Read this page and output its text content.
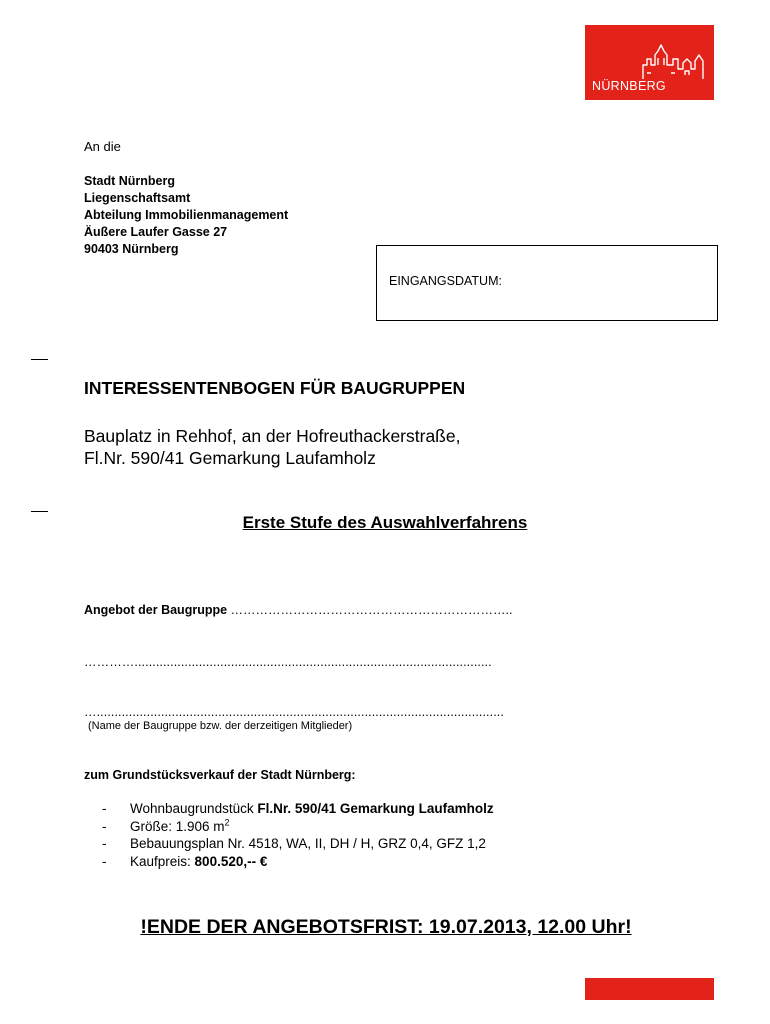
NÜRNBERG
An die
Stadt Nürnberg
Liegenschaftsamt
Abteilung Immobilienmanagement
Äußere Laufer Gasse 27
90403 Nürnberg
EINGANGSDATUM:
INTERESSENTENBOGEN FÜR BAUGRUPPEN
Bauplatz in Rehhof, an der Hofreuthackerstraße,
Fl.Nr. 590/41 Gemarkung Laufamholz
Erste Stufe des Auswahlverfahrens
Angebot der Baugruppe …………………………………………………………..
…………....................................................................................................
…..................................................................................................................
(Name der Baugruppe bzw. der derzeitigen Mitglieder)
zum Grundstücksverkauf der Stadt Nürnberg:
- Wohnbaugrundstück Fl.Nr. 590/41 Gemarkung Laufamholz
- Größe: 1.906 $m^2$
- Bebauungsplan Nr. 4518, WA, II, DH / H, GRZ 0,4, GFZ 1,2
- Kaufpreis: 800.520,-- €
!ENDE DER ANGEBOTSFRIST: 19.07.2013, 12.00 Uhr!
